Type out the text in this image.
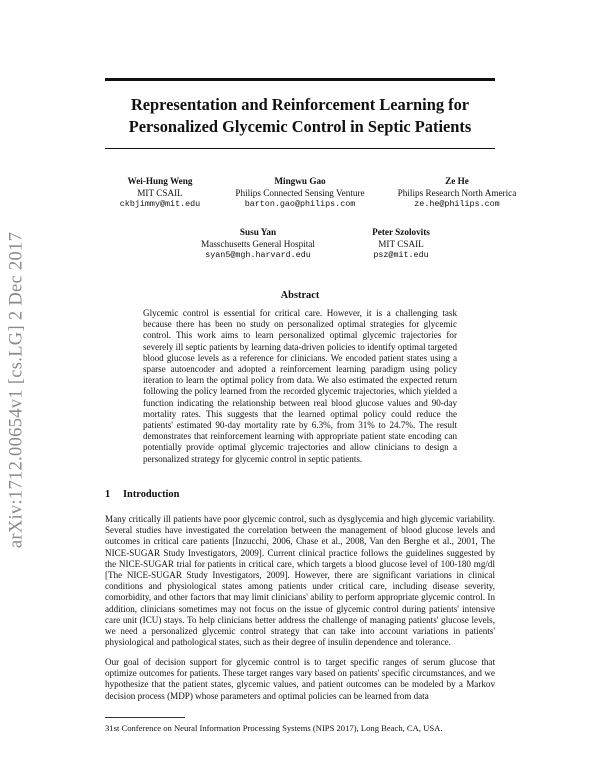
arXiv:1712.00654v1 [cs.LG] 2 Dec 2017
Representation and Reinforcement Learning for
Personalized Glycemic Control in Septic Patients
Wei-Hung Weng
MIT CSAIL
ckbjimmy@mit.edu
Mingwu Gao
Philips Connected Sensing Venture
barton.gao@philips.com
Ze He
Philips Research North America
ze.he@philips.com
Susu Yan
Masschusetts General Hospital
syan5@mgh.harvard.edu
Peter Szolovits
MIT CSAIL
psz@mit.edu
Abstract

Glycemic control is essential for critical care. However, it is a challenging task because there has been no study on personalized optimal strategies for glycemic control. This work aims to learn personalized optimal glycemic trajectories for severely ill septic patients by learning data-driven policies to identify optimal targeted blood glucose levels as a reference for clinicians. We encoded patient states using a sparse autoencoder and adopted a reinforcement learning paradigm using policy iteration to learn the optimal policy from data. We also estimated the expected return following the policy learned from the recorded glycemic trajectories, which yielded a function indicating the relationship between real blood glucose values and 90-day mortality rates. This suggests that the learned optimal policy could reduce the patients' estimated 90-day mortality rate by 6.3%, from 31% to 24.7%. The result demonstrates that reinforcement learning with appropriate patient state encoding can potentially provide optimal glycemic trajectories and allow clinicians to design a personalized strategy for glycemic control in septic patients.

1 Introduction

Many critically ill patients have poor glycemic control, such as dysglycemia and high glycemic variability. Several studies have investigated the correlation between the management of blood glucose levels and outcomes in critical care patients [Inzucchi, 2006, Chase et al., 2008, Van den Berghe et al., 2001, The NICE-SUGAR Study Investigators, 2009]. Current clinical practice follows the guidelines suggested by the NICE-SUGAR trial for patients in critical care, which targets a blood glucose level of 100-180 mg/dl [The NICE-SUGAR Study Investigators, 2009]. However, there are significant variations in clinical conditions and physiological states among patients under critical care, including disease severity, comorbidity, and other factors that may limit clinicians' ability to perform appropriate glycemic control. In addition, clinicians sometimes may not focus on the issue of glycemic control during patients' intensive care unit (ICU) stays. To help clinicians better address the challenge of managing patients' glucose levels, we need a personalized glycemic control strategy that can take into account variations in patients' physiological and pathological states, such as their degree of insulin dependence and tolerance.

Our goal of decision support for glycemic control is to target specific ranges of serum glucose that optimize outcomes for patients. These target ranges vary based on patients' specific circumstances, and we hypothesize that the patient states, glycemic values, and patient outcomes can be modeled by a Markov decision process (MDP) whose parameters and optimal policies can be learned from data

31st Conference on Neural Information Processing Systems (NIPS 2017), Long Beach, CA, USA.
